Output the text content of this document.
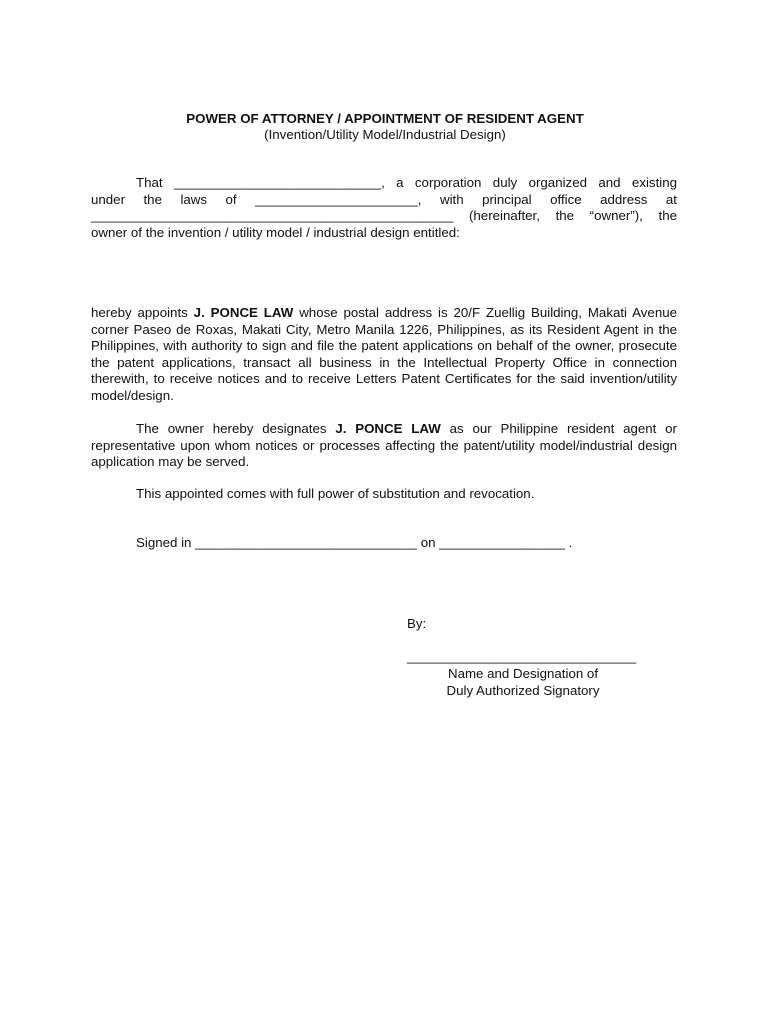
POWER OF ATTORNEY / APPOINTMENT OF RESIDENT AGENT
(Invention/Utility Model/Industrial Design)
That ____________________________, a corporation duly organized and existing
under the laws of ______________________, with principal office address at
_________________________________________________ (hereinafter, the “owner”), the
owner of the invention / utility model / industrial design entitled:
hereby appoints J. PONCE LAW whose postal address is 20/F Zuellig Building, Makati Avenue corner Paseo de Roxas, Makati City, Metro Manila 1226, Philippines, as its Resident Agent in the Philippines, with authority to sign and file the patent applications on behalf of the owner, prosecute the patent applications, transact all business in the Intellectual Property Office in connection therewith, to receive notices and to receive Letters Patent Certificates for the said invention/utility model/design.
The owner hereby designates J. PONCE LAW as our Philippine resident agent or representative upon whom notices or processes affecting the patent/utility model/industrial design application may be served.
This appointed comes with full power of substitution and revocation.
Signed in ______________________________ on _________________ .
By:
_______________________________
Name and Designation of
Duly Authorized Signatory
